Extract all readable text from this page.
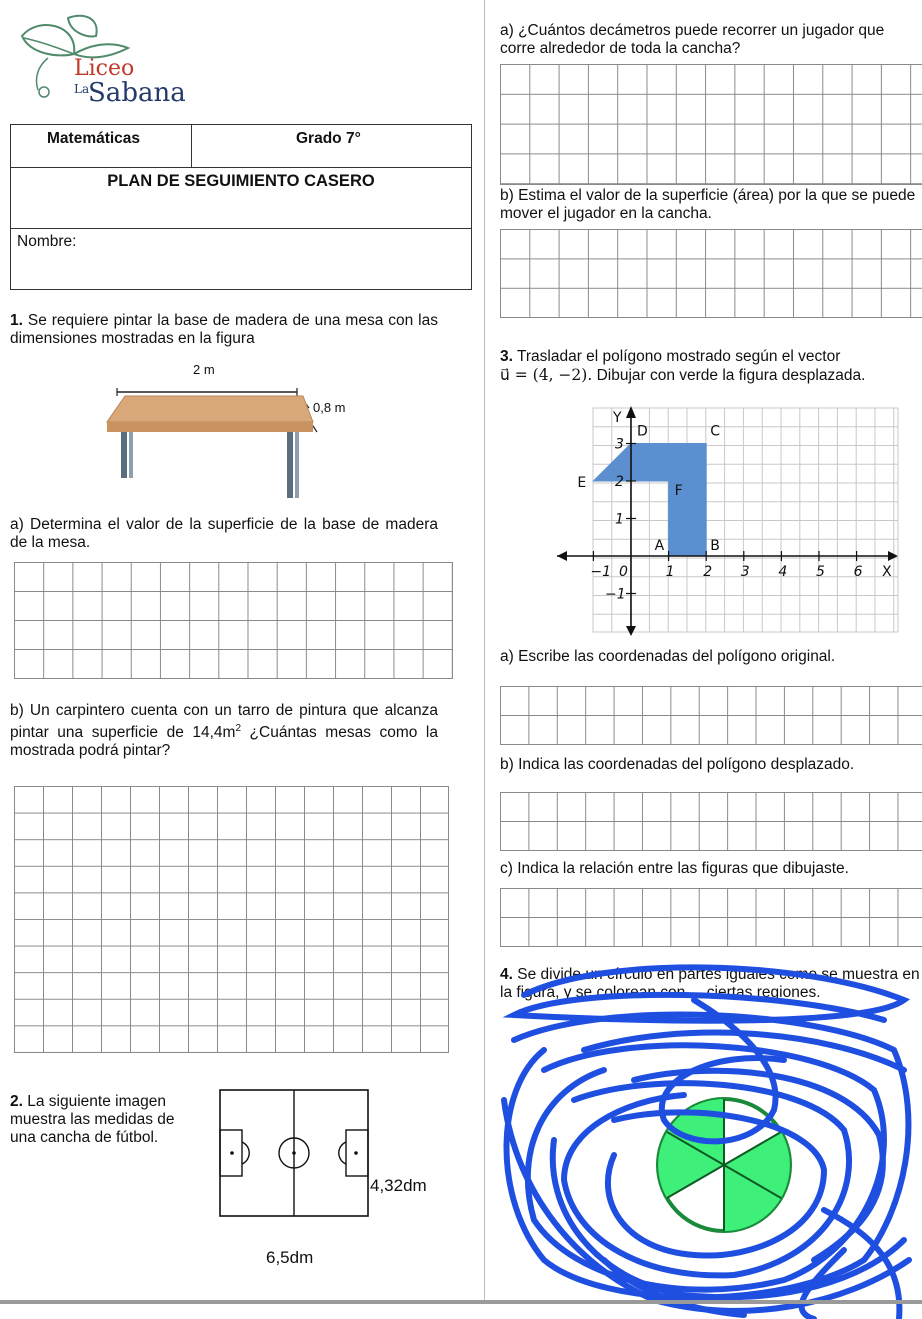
Liceo
La
Sabana
Matemáticas	Grado 7°
PLAN DE SEGUIMIENTO CASERO
Nombre:
1. Se requiere pintar la base de madera de una mesa con las dimensiones mostradas en la figura
2 m
0,8 m
a) Determina el valor de la superficie de la base de madera de la mesa.
b) Un carpintero cuenta con un tarro de pintura que alcanza pintar una superficie de $14,4m^2$ ¿Cuántas mesas como la mostrada podrá pintar?
2. La siguiente imagen muestra las medidas de una cancha de fútbol.
4,32dm
6,5dm
a) ¿Cuántos decámetros puede recorrer un jugador que corre alrededor de toda la cancha?
b) Estima el valor de la superficie (área) por la que se puede mover el jugador en la cancha.
3. Trasladar el polígono mostrado según el vector
u⃗ = (4, −2). Dibujar con verde la figura desplazada.
−1 0	1 2 3 4 5 6
3
2
1
−1
X
Y
A	B
C
D
E	F
a) Escribe las coordenadas del polígono original.
b) Indica las coordenadas del polígono desplazado.
c) Indica la relación entre las figuras que dibujaste.
4. Se divide un círculo en partes iguales como se muestra en la figura, y se colorean con ... ciertas regiones.
